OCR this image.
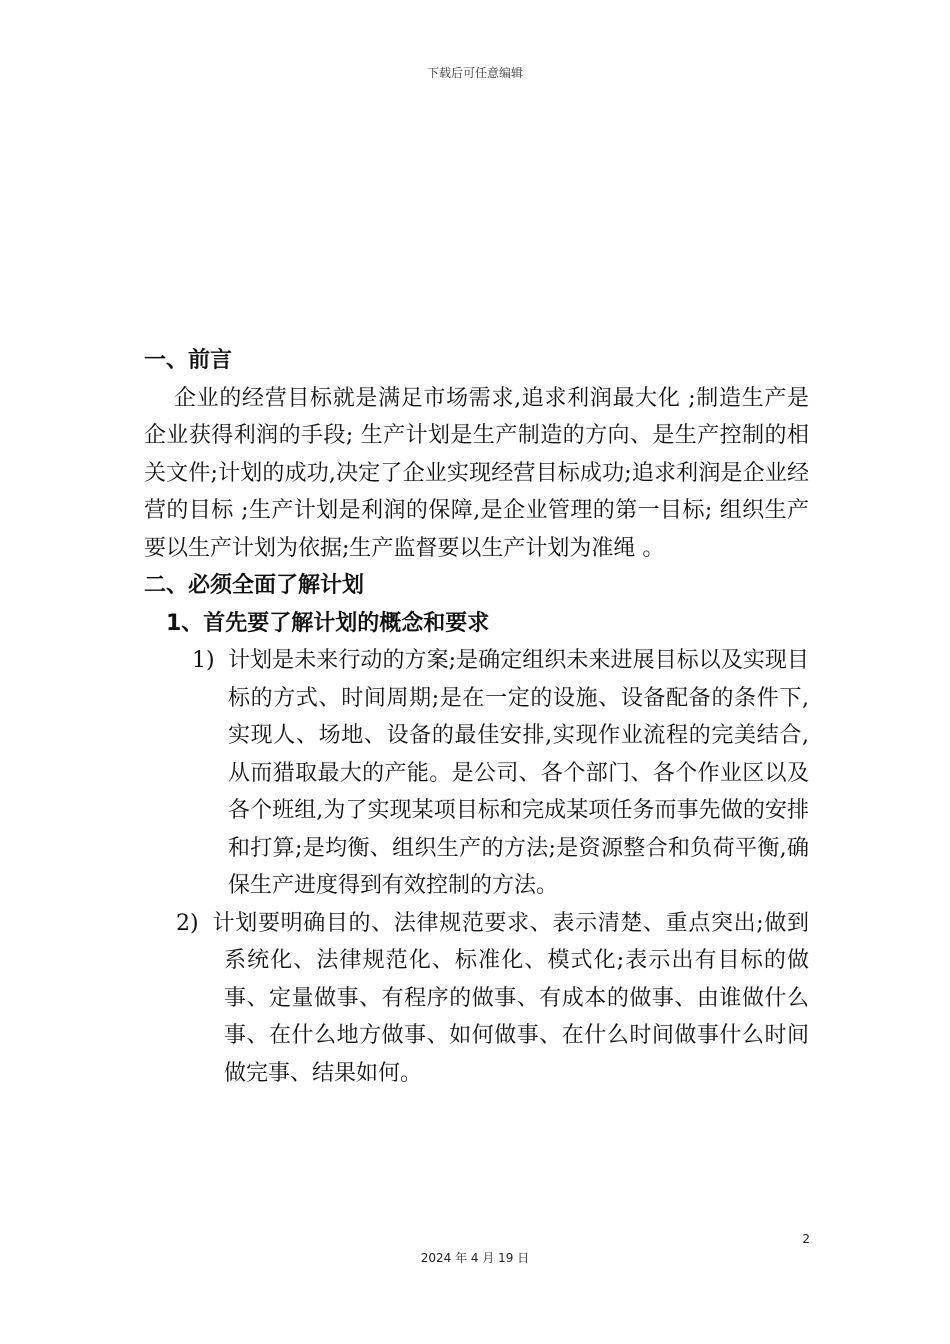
下载后可任意编辑

一、前言

企业的经营目标就是满足市场需求,追求利润最大化 ;制造生产是企业获得利润的手段; 生产计划是生产制造的方向、是生产控制的相关文件;计划的成功,决定了企业实现经营目标成功;追求利润是企业经营的目标 ;生产计划是利润的保障,是企业管理的第一目标; 组织生产要以生产计划为依据;生产监督要以生产计划为准绳 。

二、必须全面了解计划

1、首先要了解计划的概念和要求

1) 计划是未来行动的方案;是确定组织未来进展目标以及实现目标的方式、时间周期;是在一定的设施、设备配备的条件下,实现人、场地、设备的最佳安排,实现作业流程的完美结合,从而猎取最大的产能。是公司、各个部门、各个作业区以及各个班组,为了实现某项目标和完成某项任务而事先做的安排和打算;是均衡、组织生产的方法;是资源整合和负荷平衡,确保生产进度得到有效控制的方法。

2) 计划要明确目的、法律规范要求、表示清楚、重点突出;做到系统化、法律规范化、标准化、模式化;表示出有目标的做事、定量做事、有程序的做事、有成本的做事、由谁做什么事、在什么地方做事、如何做事、在什么时间做事什么时间做完事、结果如何。

2
2024 年 4 月 19 日
